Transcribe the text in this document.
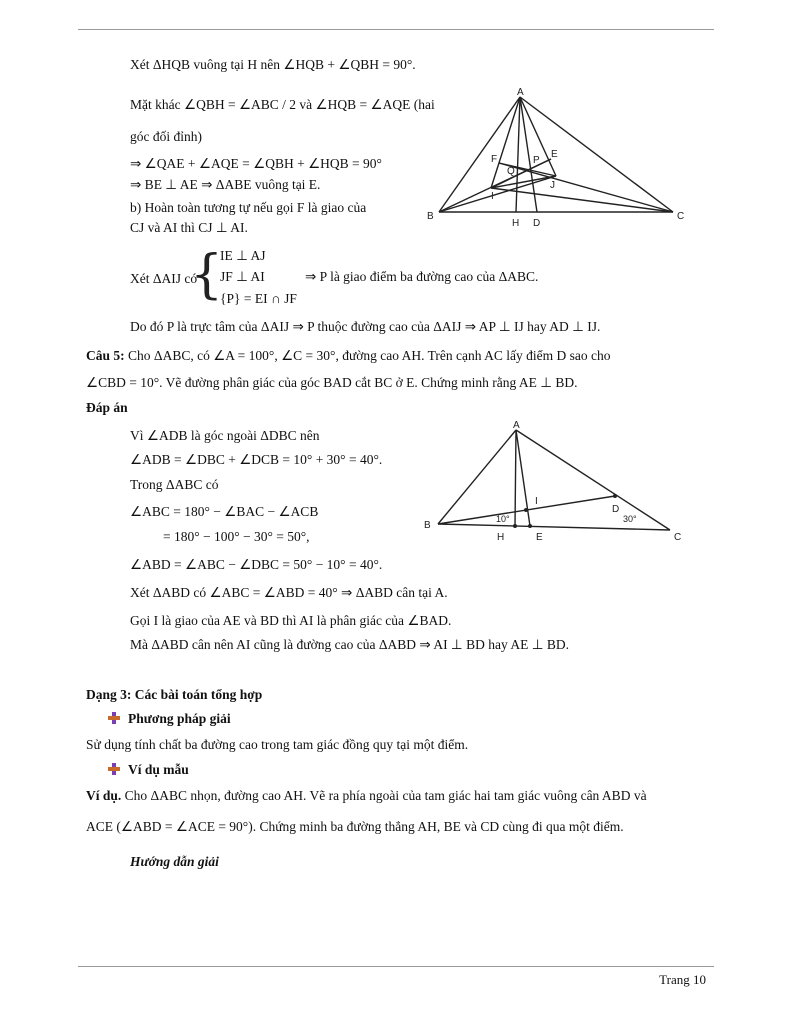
Xét ΔHQB vuông tại H nên ∠HQB + ∠QBH = 90°.
Mặt khác ∠QBH = ∠ABC / 2 và ∠HQB = ∠AQE (hai
góc đối đỉnh)
⇒ ∠QAE + ∠AQE = ∠QBH + ∠HQB = 90°
⇒ BE ⊥ AE ⇒ ΔABE vuông tại E.
b) Hoàn toàn tương tự nếu gọi F là giao của
CJ và AI thì CJ ⊥ AI.
A
B	C
H D
E
F	P
Q
I
J
Xét ΔAIJ có
{
IE ⊥ AJ
JF ⊥ AI
{P} = EI ∩ JF
⇒ P là giao điểm ba đường cao của ΔABC.
Do đó P là trực tâm của ΔAIJ ⇒ P thuộc đường cao của ΔAIJ ⇒ AP ⊥ IJ hay AD ⊥ IJ.
Câu 5: Cho ΔABC, có ∠A = 100°, ∠C = 30°, đường cao AH. Trên cạnh AC lấy điểm D sao cho
∠CBD = 10°. Vẽ đường phân giác của góc BAD cắt BC ở E. Chứng minh rằng AE ⊥ BD.
Đáp án
Vì ∠ADB là góc ngoài ΔDBC nên
∠ADB = ∠DBC + ∠DCB = 10° + 30° = 40°.
Trong ΔABC có
∠ABC = 180° − ∠BAC − ∠ACB
= 180° − 100° − 30° = 50°,
∠ABD = ∠ABC − ∠DBC = 50° − 10° = 40°.
Xét ΔABD có ∠ABC = ∠ABD = 40° ⇒ ΔABD cân tại A.
Gọi I là giao của AE và BD thì AI là phân giác của ∠BAD.
Mà ΔABD cân nên AI cũng là đường cao của ΔABD ⇒ AI ⊥ BD hay AE ⊥ BD.
A
B
C
H	E
D
I
10°	30°
Dạng 3: Các bài toán tổng hợp
Phương pháp giải
Sử dụng tính chất ba đường cao trong tam giác đồng quy tại một điểm.
Ví dụ mẫu
Ví dụ. Cho ΔABC nhọn, đường cao AH. Vẽ ra phía ngoài của tam giác hai tam giác vuông cân ABD và
ACE (∠ABD = ∠ACE = 90°). Chứng minh ba đường thẳng AH, BE và CD cùng đi qua một điểm.
Hướng dẫn giải
Trang 10
